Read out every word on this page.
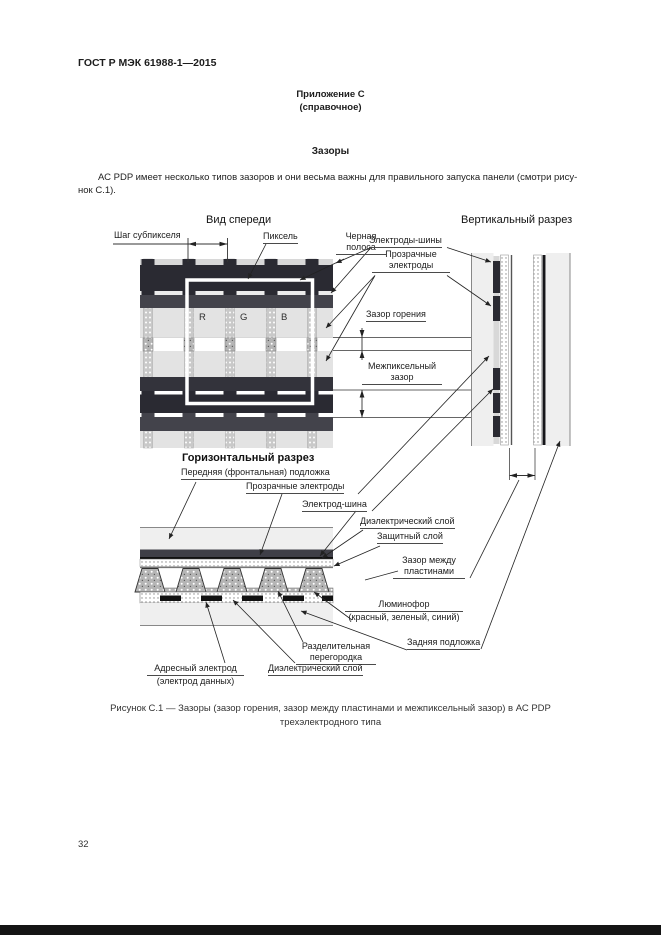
ГОСТ Р МЭК 61988-1—2015
Приложение С
(справочное)
Зазоры
АС PDP имеет несколько типов зазоров и они весьма важны для правильного запуска панели (смотри рису-
нок С.1).
Вид спереди	Вертикальный разрез
Горизонтальный разрез
R	G	B
Шаг субпикселя	Пиксель	Черная
полоса
Электроды-шины
Прозрачные
электроды
Зазор горения
Межпиксельный
зазор
Передняя (фронтальная) подложка
Прозрачные электроды
Электрод-шина
Диэлектрический слой
Защитный слой
Зазор между
пластинами
Люминофор
(красный, зеленый, синий)
Задняя подложка
Разделительная
перегородка
Адресный электрод
(электрод данных)
Диэлектрический слой
Рисунок С.1 — Зазоры (зазор горения, зазор между пластинами и межпиксельный зазор) в АС PDP
трехэлектродного типа
32
